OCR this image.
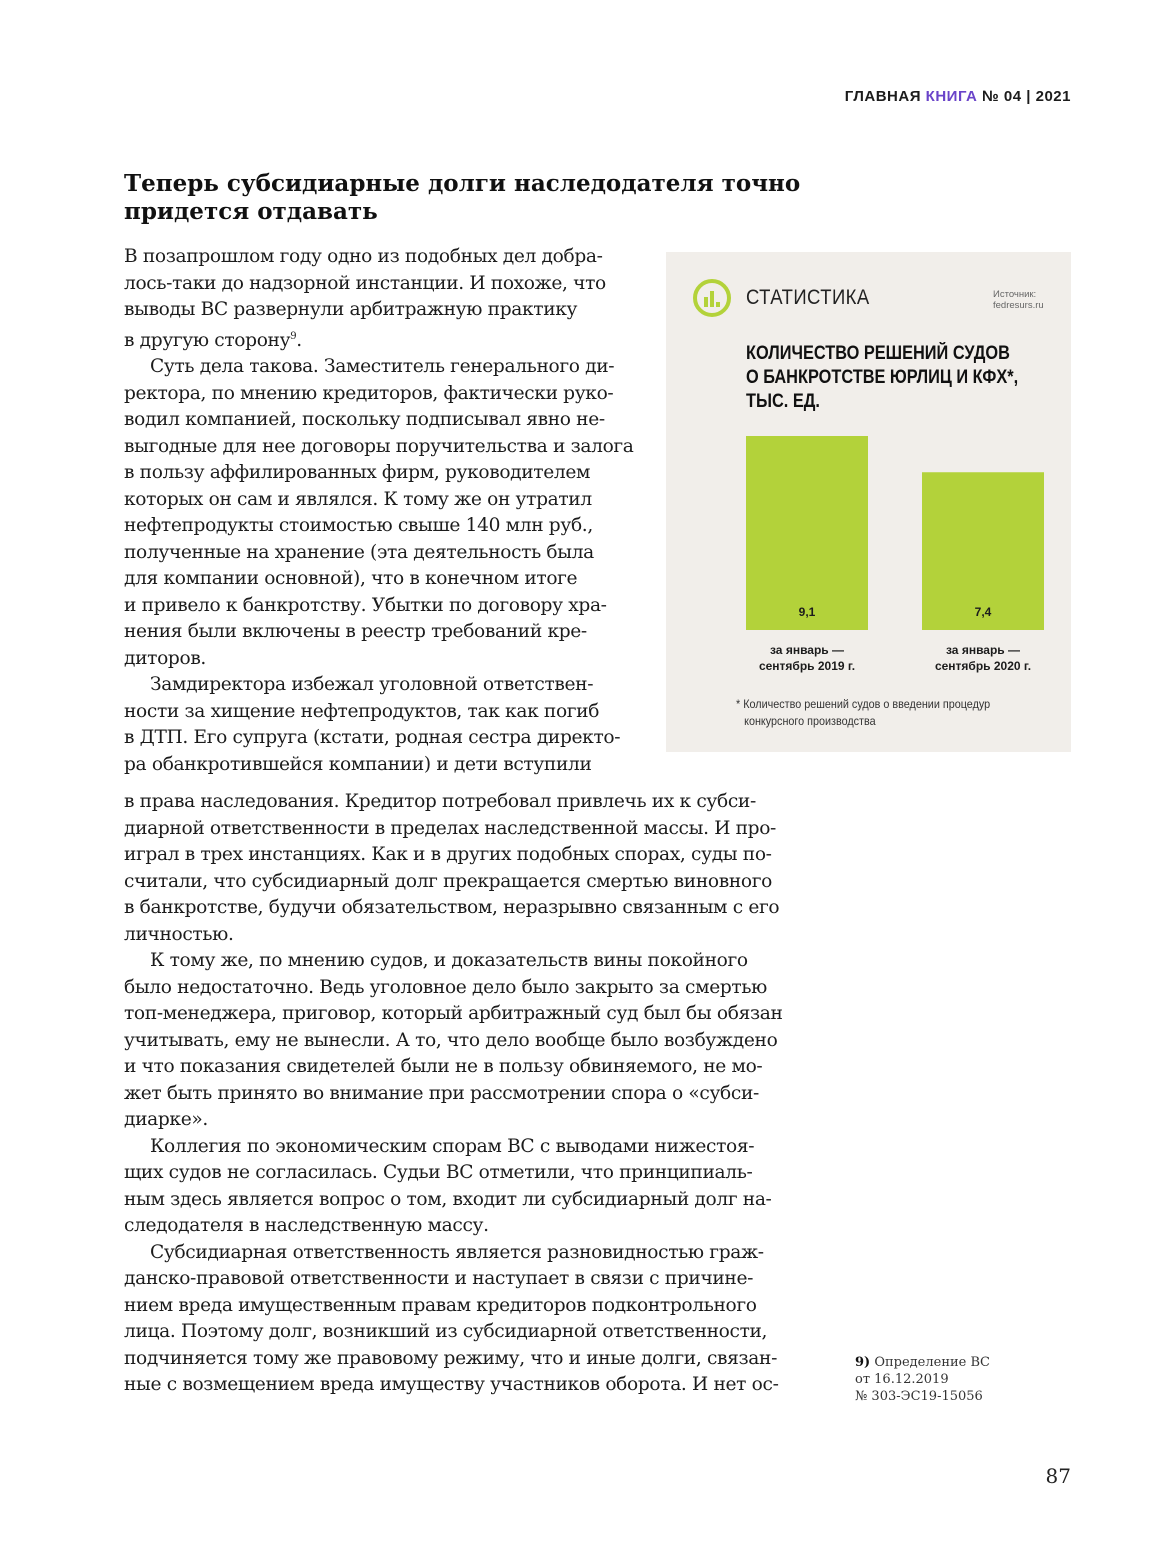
ГЛАВНАЯ КНИГА № 04 | 2021
Теперь субсидиарные долги наследодателя точно
придется отдавать

В позапрошлом году одно из подобных дел добра-

лось-таки до надзорной инстанции. И похоже, что

выводы ВС развернули арбитражную практику

в другую сторону$^9$.

Суть дела такова. Заместитель генерального ди-

ректора, по мнению кредиторов, фактически руко-

водил компанией, поскольку подписывал явно не-

выгодные для нее договоры поручительства и залога

в пользу аффилированных фирм, руководителем

которых он сам и являлся. К тому же он утратил

нефтепродукты стоимостью свыше 140 млн руб.,

полученные на хранение (эта деятельность была

для компании основной), что в конечном итоге

и привело к банкротству. Убытки по договору хра-

нения были включены в реестр требований кре-

диторов.

Замдиректора избежал уголовной ответствен-

ности за хищение нефтепродуктов, так как погиб

в ДТП. Его супруга (кстати, родная сестра директо-

ра обанкротившейся компании) и дети вступили

в права наследования. Кредитор потребовал привлечь их к субси-

диарной ответственности в пределах наследственной массы. И про-

играл в трех инстанциях. Как и в других подобных спорах, суды по-

считали, что субсидиарный долг прекращается смертью виновного

в банкротстве, будучи обязательством, неразрывно связанным с его

личностью.

К тому же, по мнению судов, и доказательств вины покойного

было недостаточно. Ведь уголовное дело было закрыто за смертью

топ-менеджера, приговор, который арбитражный суд был бы обязан

учитывать, ему не вынесли. А то, что дело вообще было возбуждено

и что показания свидетелей были не в пользу обвиняемого, не мо-

жет быть принято во внимание при рассмотрении спора о «субси-

диарке».

Коллегия по экономическим спорам ВС с выводами нижестоя-

щих судов не согласилась. Судьи ВС отметили, что принципиаль-

ным здесь является вопрос о том, входит ли субсидиарный долг на-

следодателя в наследственную массу.

Субсидиарная ответственность является разновидностью граж-

данско-правовой ответственности и наступает в связи с причине-

нием вреда имущественным правам кредиторов подконтрольного

лица. Поэтому долг, возникший из субсидиарной ответственности,

подчиняется тому же правовому режиму, что и иные долги, связан-

ные с возмещением вреда имуществу участников оборота. И нет ос-

СТАТИСТИКА	Источник:
fedresurs.ru
КОЛИЧЕСТВО РЕШЕНИЙ СУДОВ
О БАНКРОТСТВЕ ЮРЛИЦ И КФХ*,
ТЫС. ЕД.
9,1
за январь —
сентябрь 2019 г.
7,4
за январь —
сентябрь 2020 г.
* Количество решений судов о введении процедур
конкурсного производства
9) Определение ВС
от 16.12.2019
№ 303-ЭС19-15056
87
